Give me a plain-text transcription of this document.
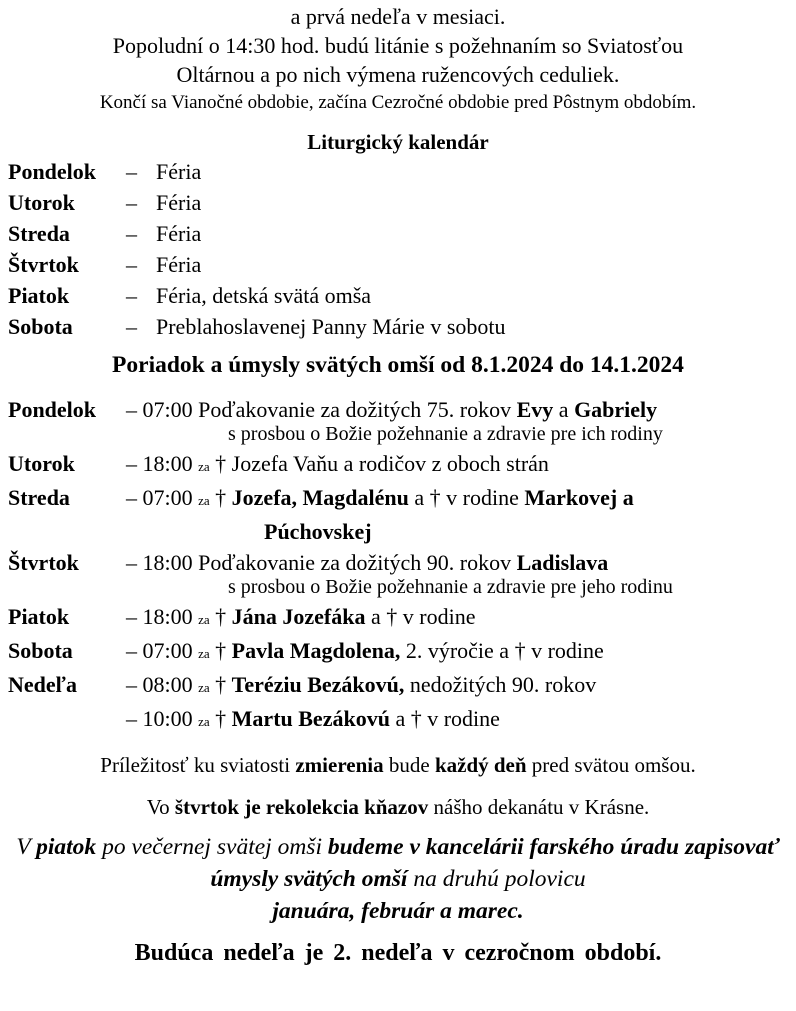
a prvá nedeľa v mesiaci.
Popoludní o 14:30 hod. budú litánie s požehnaním so Sviatosťou
Oltárnou a po nich výmena ružencových ceduliek.
Končí sa Vianočné obdobie, začína Cezročné obdobie pred Pôstnym obdobím.
Liturgický kalendár
Pondelok	– Féria
Utorok	– Féria
Streda	– Féria
Štvrtok	– Féria
Piatok	– Féria, detská svätá omša
Sobota	– Preblahoslavenej Panny Márie v sobotu
Poriadok a úmysly svätých omší od 8.1.2024 do 14.1.2024
Pondelok – 07:00 Poďakovanie za dožitých 75. rokov Evy a Gabriely
s prosbou o Božie požehnanie a zdravie pre ich rodiny
Utorok – 18:00 za † Jozefa Vaňu a rodičov z oboch strán
Streda	– 07:00 za † Jozefa, Magdalénu a † v rodine Markovej a
Púchovskej
Štvrtok – 18:00 Poďakovanie za dožitých 90. rokov Ladislava
s prosbou o Božie požehnanie a zdravie pre jeho rodinu
Piatok	– 18:00 za † Jána Jozefáka a † v rodine
Sobota – 07:00 za † Pavla Magdolena, 2. výročie a † v rodine
Nedeľa – 08:00 za † Teréziu Bezákovú, nedožitých 90. rokov
– 10:00 za † Martu Bezákovú a † v rodine
Príležitosť ku sviatosti zmierenia bude každý deň pred svätou omšou.
Vo štvrtok je rekolekcia kňazov nášho dekanátu v Krásne.
V piatok po večernej svätej omši budeme v kancelárii farského úradu zapisovať úmysly svätých omší na druhú polovicu
januára, február a marec.
Budúca nedeľa je 2. nedeľa v cezročnom období.
